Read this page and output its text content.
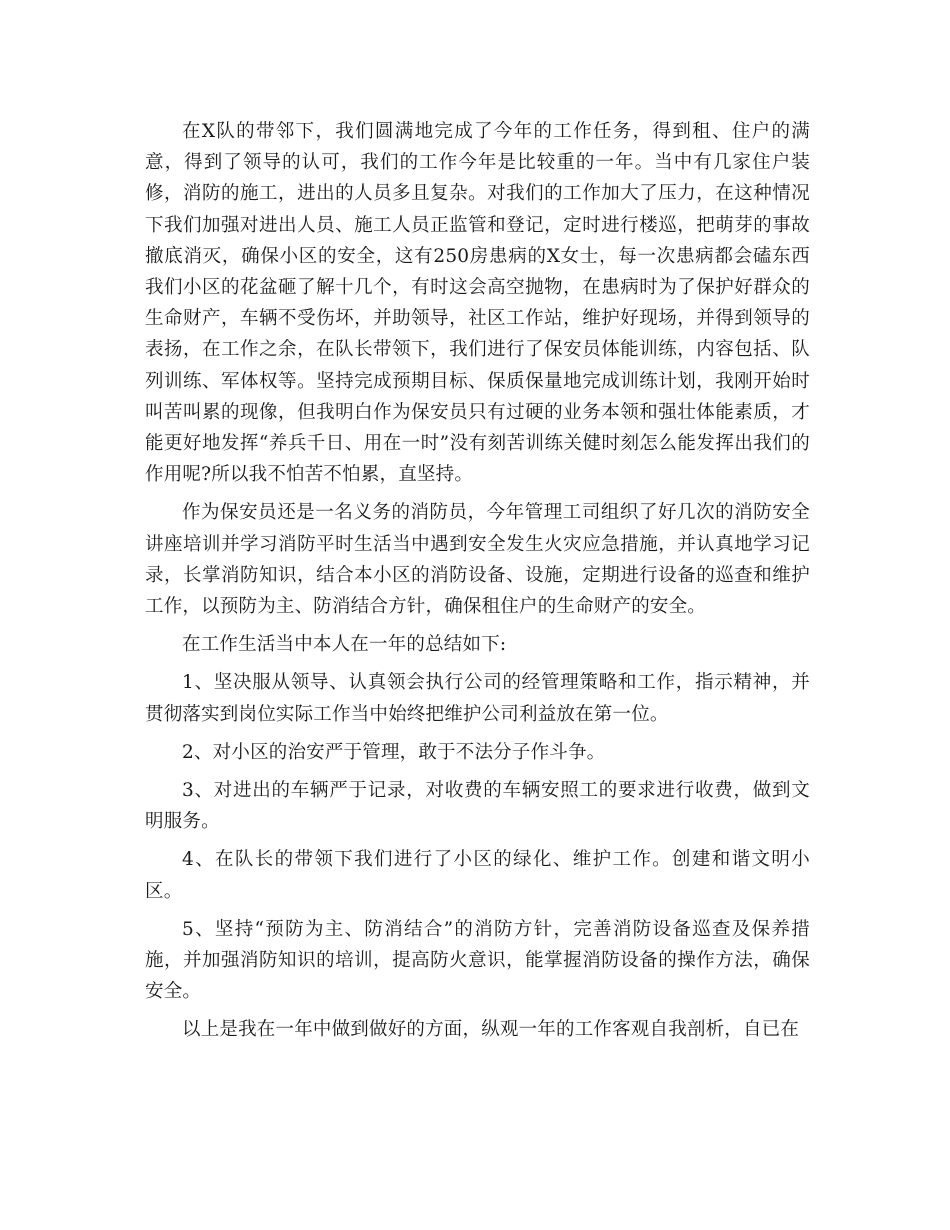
在X队的带邻下，我们圆满地完成了今年的工作任务，得到租、住户的满意，得到了领导的认可，我们的工作今年是比较重的一年。当中有几家住户装修，消防的施工，进出的人员多且复杂。对我们的工作加大了压力，在这种情况下我们加强对进出人员、施工人员正监管和登记，定时进行楼巡，把萌芽的事故撤底消灭，确保小区的安全，这有250房患病的X女士，每一次患病都会磕东西我们小区的花盆砸了解十几个，有时这会高空抛物，在患病时为了保护好群众的生命财产，车辆不受伤坏，并助领导，社区工作站，维护好现场，并得到领导的表扬，在工作之余，在队长带领下，我们进行了保安员体能训练，内容包括、队列训练、军体权等。坚持完成预期目标、保质保量地完成训练计划，我刚开始时叫苦叫累的现像，但我明白作为保安员只有过硬的业务本领和强壮体能素质，才能更好地发挥“养兵千日、用在一时”没有刻苦训练关健时刻怎么能发挥出我们的作用呢?所以我不怕苦不怕累，直坚持。

作为保安员还是一名义务的消防员，今年管理工司组织了好几次的消防安全讲座培训并学习消防平时生活当中遇到安全发生火灾应急措施，并认真地学习记录，长掌消防知识，结合本小区的消防设备、设施，定期进行设备的巡查和维护工作，以预防为主、防消结合方针，确保租住户的生命财产的安全。

在工作生活当中本人在一年的总结如下:

1、坚决服从领导、认真领会执行公司的经管理策略和工作，指示精神，并贯彻落实到岗位实际工作当中始终把维护公司利益放在第一位。

2、对小区的治安严于管理，敢于不法分子作斗争。

3、对进出的车辆严于记录，对收费的车辆安照工的要求进行收费，做到文明服务。

4、在队长的带领下我们进行了小区的绿化、维护工作。创建和谐文明小区。

5、坚持“预防为主、防消结合”的消防方针，完善消防设备巡查及保养措施，并加强消防知识的培训，提高防火意识，能掌握消防设备的操作方法，确保安全。

以上是我在一年中做到做好的方面，纵观一年的工作客观自我剖析，自已在
